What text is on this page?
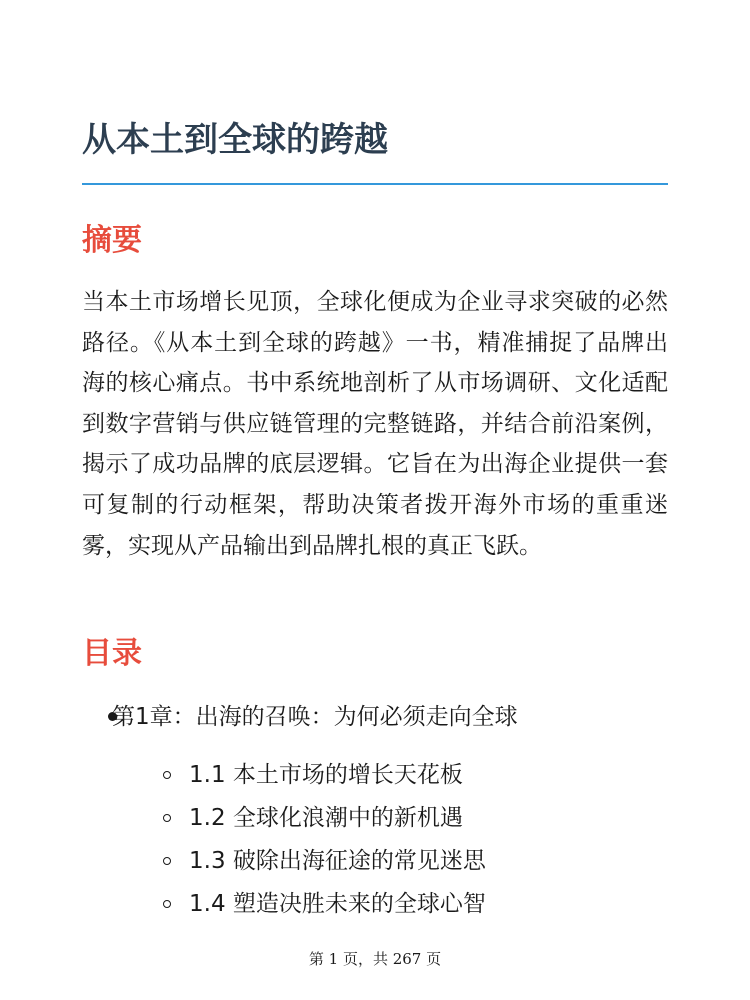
从本土到全球的跨越
摘要

当本土市场增长见顶，全球化便成为企业寻求突破的必然路径。《从本土到全球的跨越》一书，精准捕捉了品牌出海的核心痛点。书中系统地剖析了从市场调研、文化适配到数字营销与供应链管理的完整链路，并结合前沿案例，揭示了成功品牌的底层逻辑。它旨在为出海企业提供一套可复制的行动框架，帮助决策者拨开海外市场的重重迷雾，实现从产品输出到品牌扎根的真正飞跃。

目录
第1章：出海的召唤：为何必须走向全球
1.1 本土市场的增长天花板
1.2 全球化浪潮中的新机遇
1.3 破除出海征途的常见迷思
1.4 塑造决胜未来的全球心智
第 1 页，共 267 页
